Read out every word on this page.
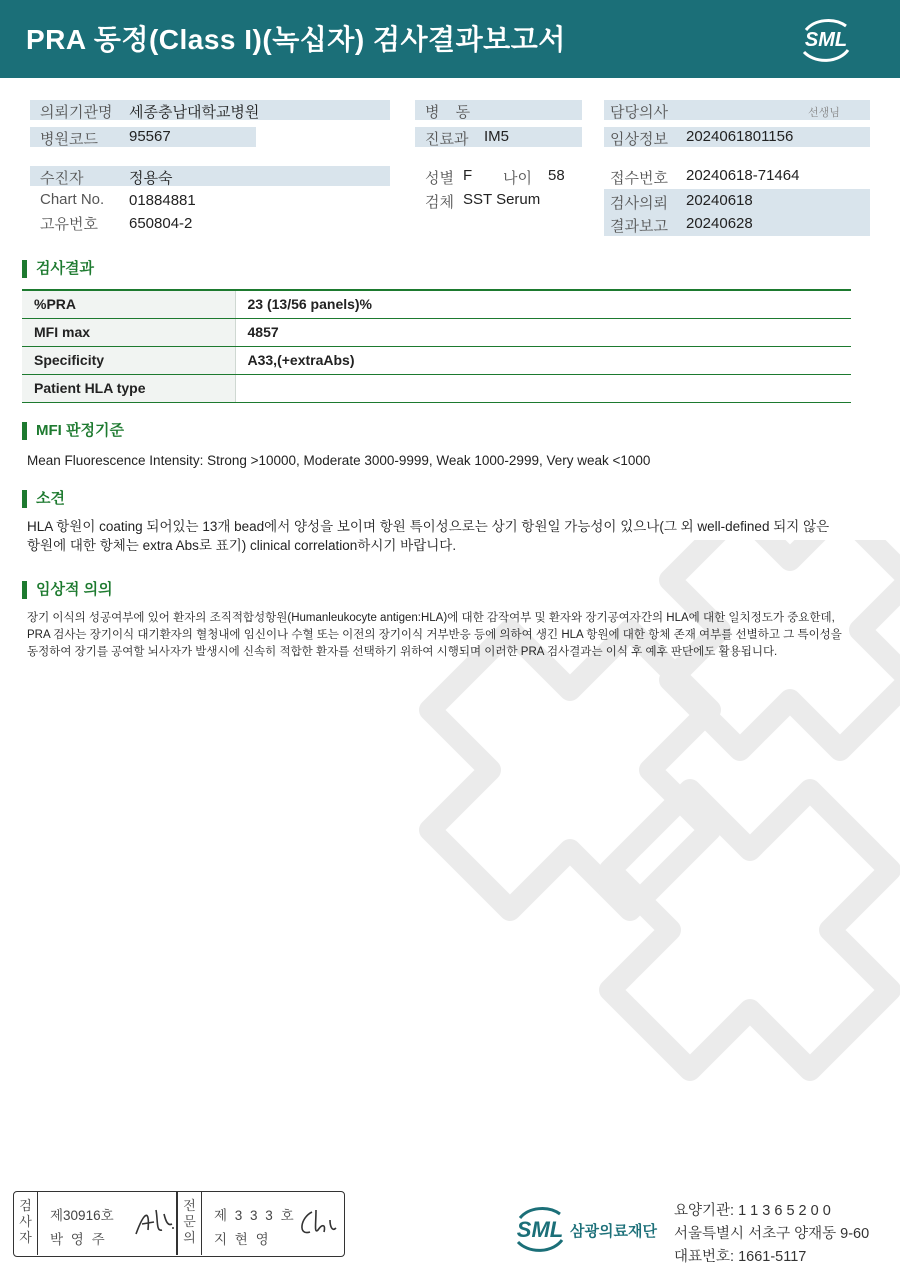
PRA 동정(Class I)(녹십자) 검사결과보고서	SML
의뢰기관명 세종충남대학교병원
병원코드 95567
병 동
진료과 IM5
담당의사	선생님
임상정보 2024061801156
수진자	정용숙
Chart No. 01884881
고유번호 650804-2
성별 F 나이 58
검체 SST Serum
접수번호 20240618-71464
검사의뢰 20240618
결과보고 20240628
검사결과
%PRA	23 (13/56 panels)%
MFI max	4857
Specificity	A33,(+extraAbs)
Patient HLA type	
MFI 판정기준
Mean Fluorescence Intensity: Strong >10000, Moderate 3000-9999, Weak 1000-2999, Very weak <1000
소견
HLA 항원이 coating 되어있는 13개 bead에서 양성을 보이며 항원 특이성으로는 상기 항원일 가능성이 있으나(그 외 well-defined 되지 않은 항원에 대한 항체는 extra Abs로 표기) clinical correlation하시기 바랍니다.
임상적 의의
장기 이식의 성공여부에 있어 환자의 조직적합성항원(Humanleukocyte antigen:HLA)에 대한 감작여부 및 환자와 장기공여자간의 HLA에 대한 일치정도가 중요한데, PRA 검사는 장기이식 대기환자의 혈청내에 임신이나 수혈 또는 이전의 장기이식 거부반응 등에 의하여 생긴 HLA 항원에 대한 항체 존재 여부를 선별하고 그 특이성을 동정하여 장기를 공여할 뇌사자가 발생시에 신속히 적합한 환자를 선택하기 위하여 시행되며 이러한 PRA 검사결과는 이식 후 예후 판단에도 활용됩니다.
검
사
자
제30916호
박 영 주
전
문
의
제 3 3 3 호
지 현 영	SML 삼광의료재단
요양기관: 1 1 3 6 5 2 0 0
서울특별시 서초구 양재동 9-60
대표번호: 1661-5117
